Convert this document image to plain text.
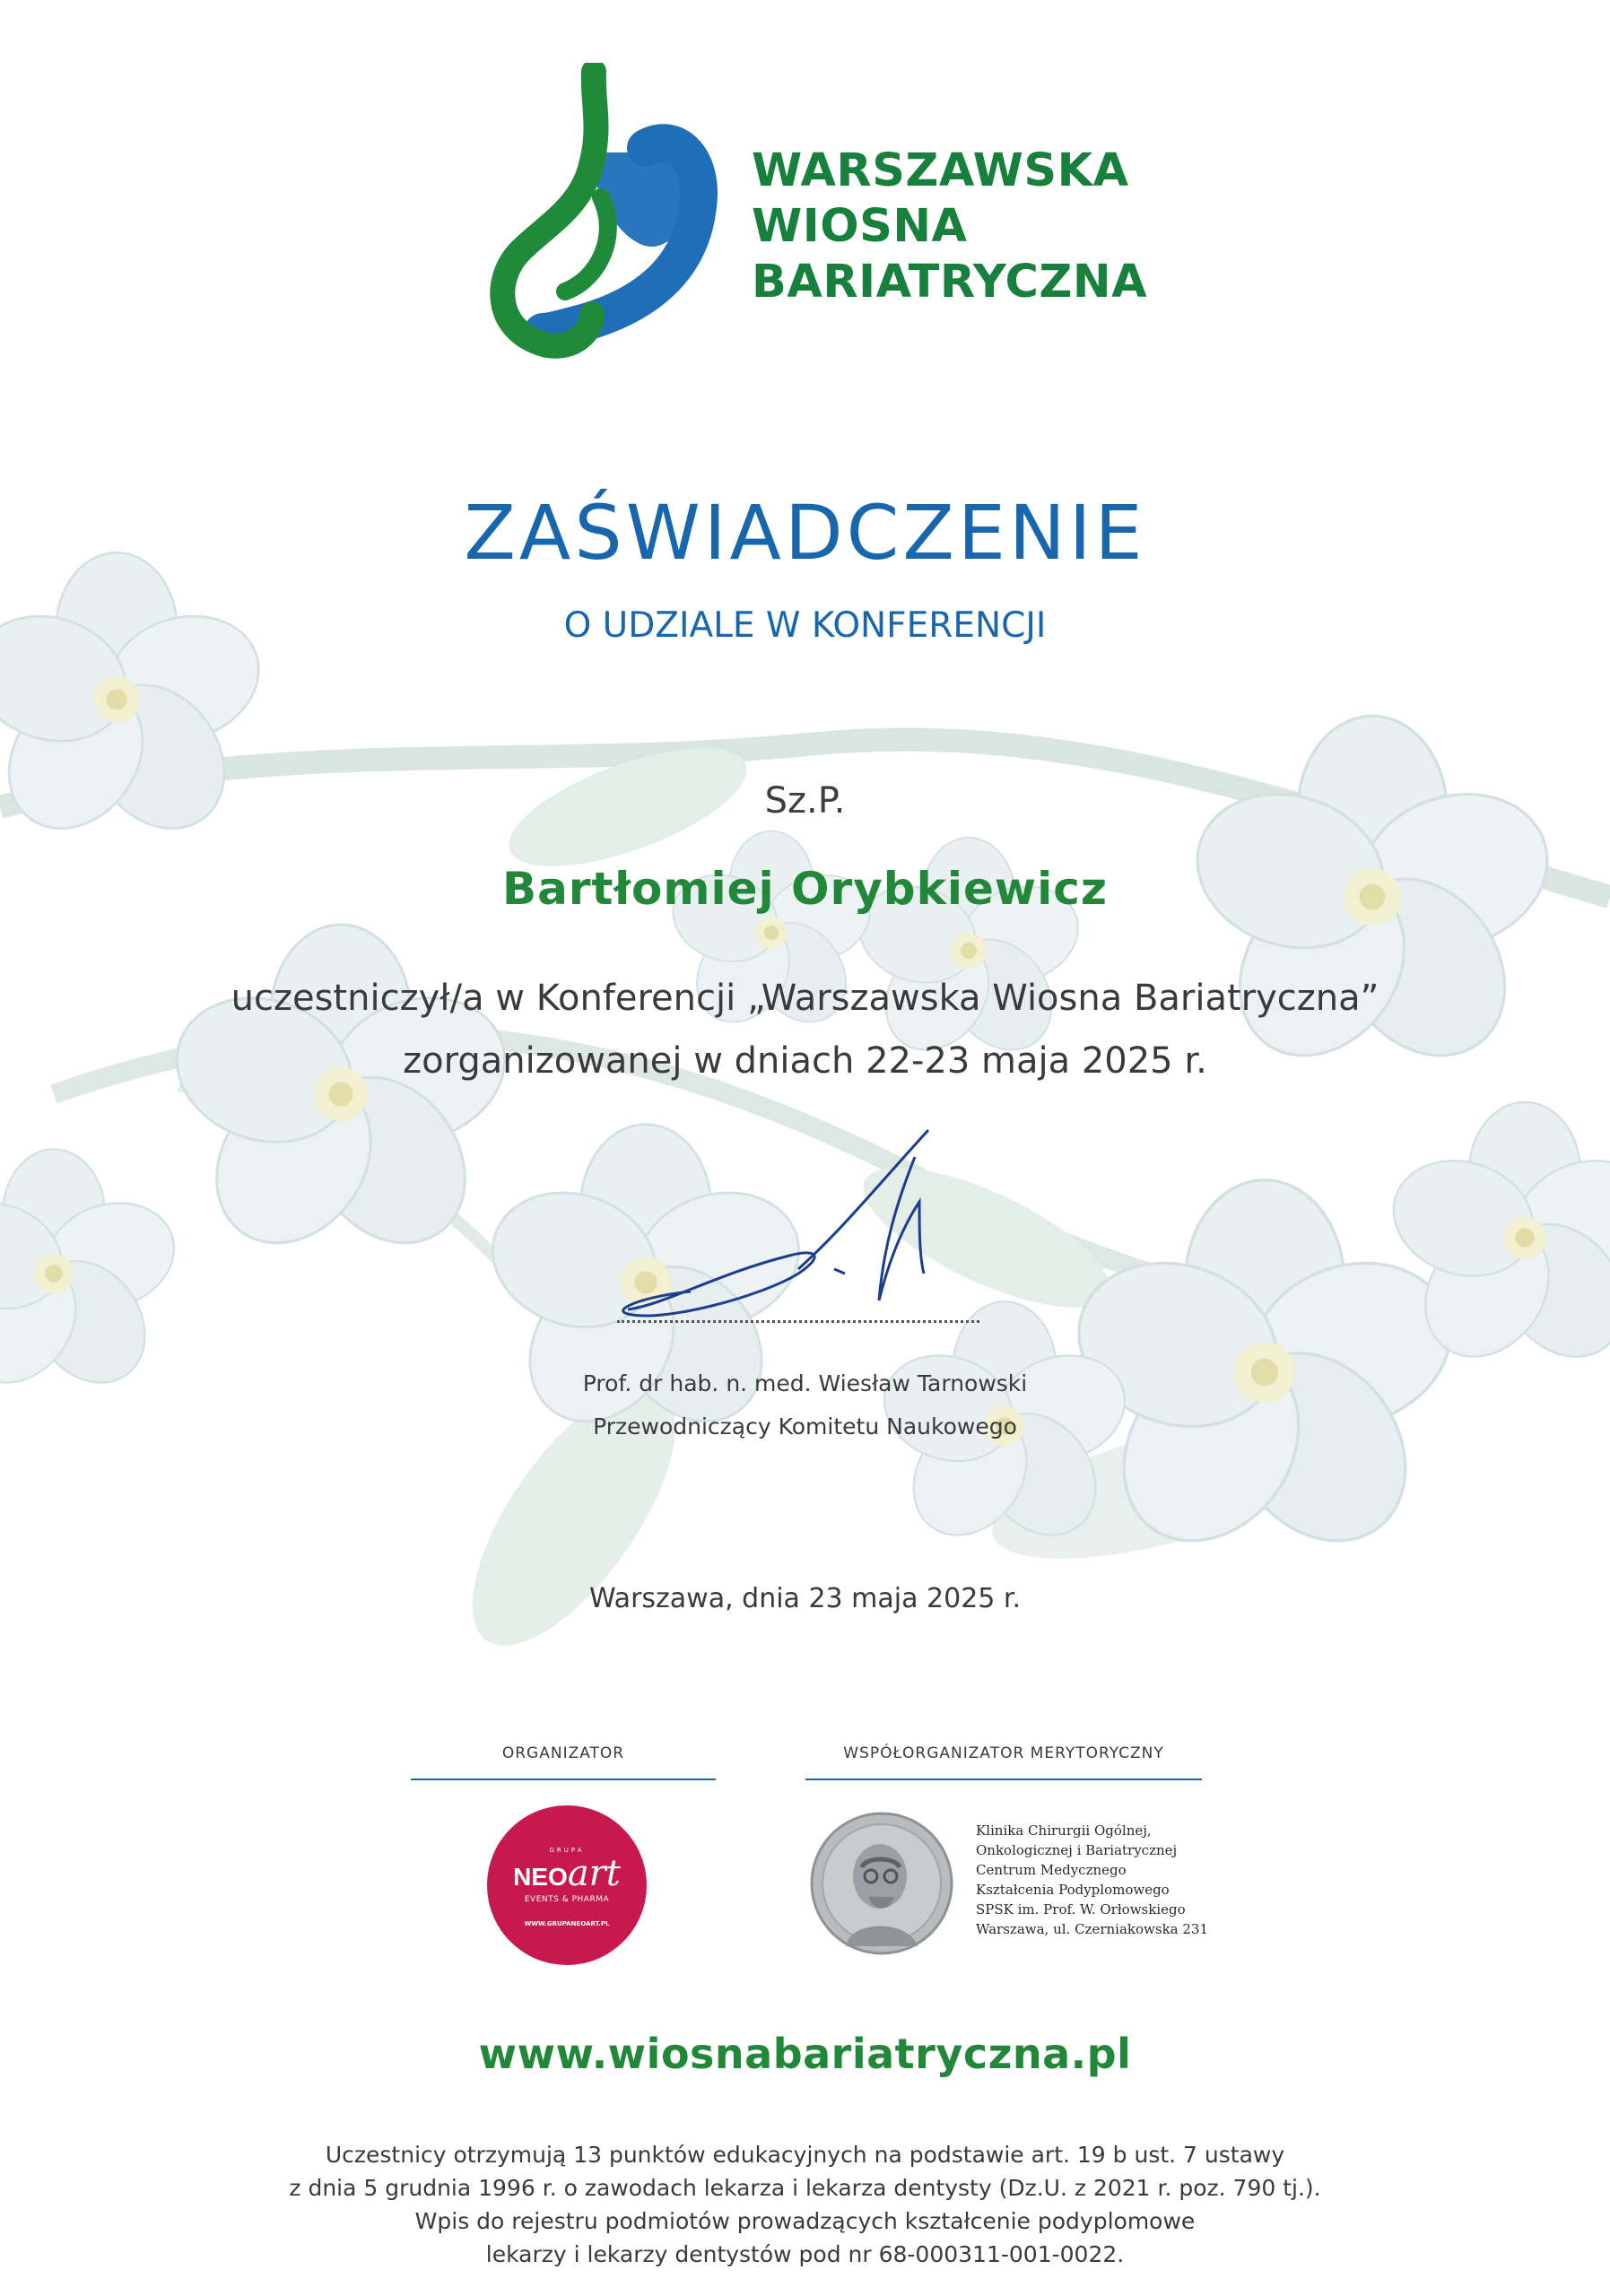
WARSZAWSKA
WIOSNA
BARIATRYCZNA
ZAŚWIADCZENIE
O UDZIALE W KONFERENCJI
Sz.P.
Bartłomiej Orybkiewicz
uczestniczył/a w Konferencji „Warszawska Wiosna Bariatryczna”
zorganizowanej w dniach 22-23 maja 2025 r.
Prof. dr hab. n. med. Wiesław Tarnowski
Przewodniczący Komitetu Naukowego
Warszawa, dnia 23 maja 2025 r.
ORGANIZATOR	WSPÓŁORGANIZATOR MERYTORYCZNY
GRUPA
NEOart
EVENTS & PHARMA
WWW.GRUPANEOART.PL
Klinika Chirurgii Ogólnej,
Onkologicznej i Bariatrycznej
Centrum Medycznego
Kształcenia Podyplomowego
SPSK im. Prof. W. Orłowskiego
Warszawa, ul. Czerniakowska 231
www.wiosnabariatryczna.pl
Uczestnicy otrzymują 13 punktów edukacyjnych na podstawie art. 19 b ust. 7 ustawy
z dnia 5 grudnia 1996 r. o zawodach lekarza i lekarza dentysty (Dz.U. z 2021 r. poz. 790 tj.).
Wpis do rejestru podmiotów prowadzących kształcenie podyplomowe
lekarzy i lekarzy dentystów pod nr 68-000311-001-0022.
